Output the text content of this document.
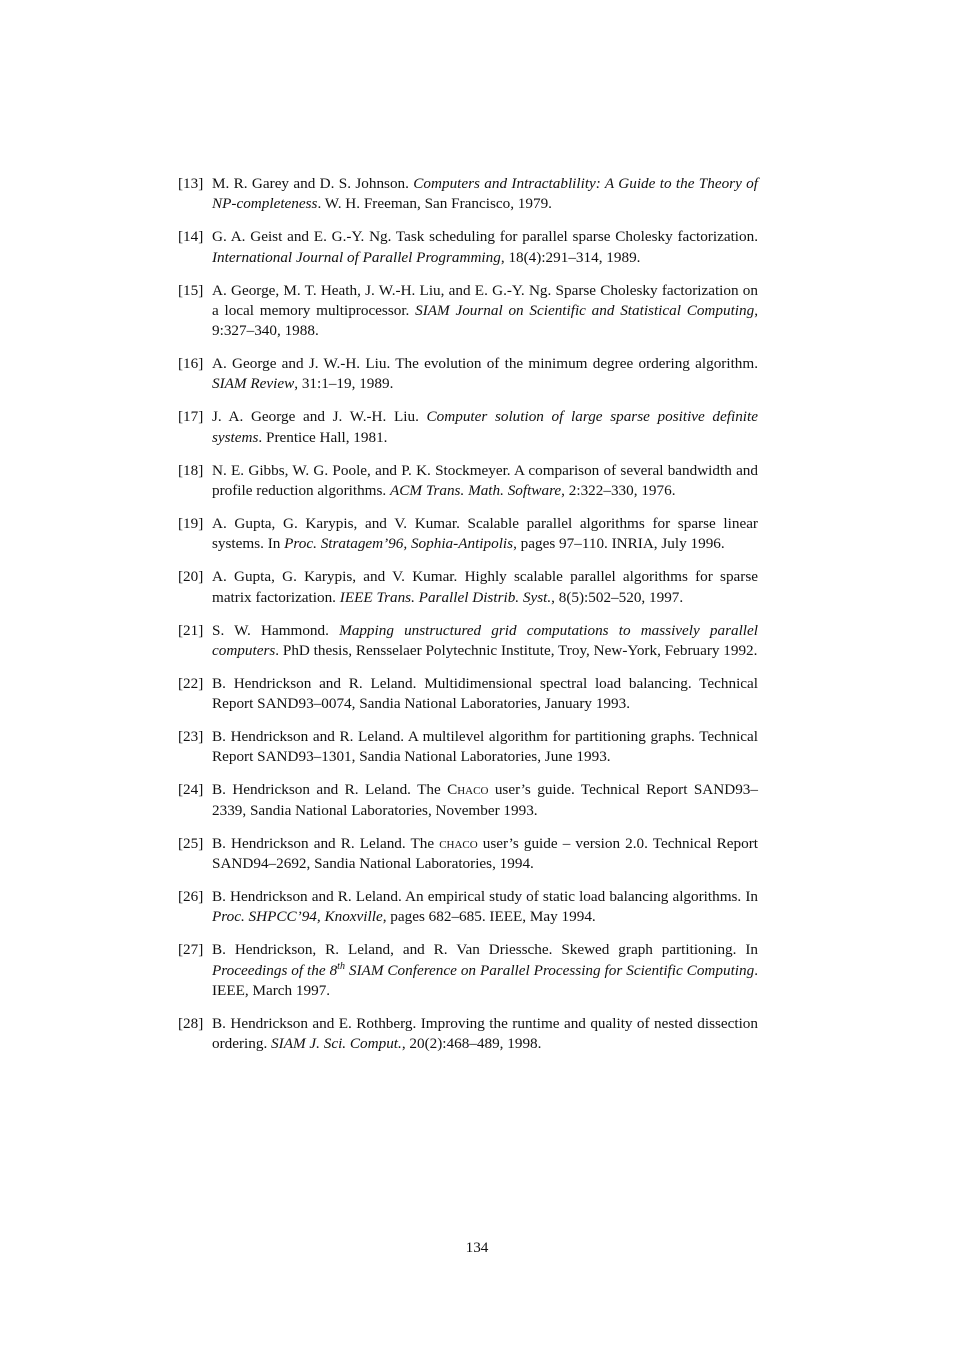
[13] M. R. Garey and D. S. Johnson. Computers and Intractablility: A Guide to the Theory of NP-completeness. W. H. Freeman, San Francisco, 1979.
[14] G. A. Geist and E. G.-Y. Ng. Task scheduling for parallel sparse Cholesky factorization. International Journal of Parallel Programming, 18(4):291–314, 1989.
[15] A. George, M. T. Heath, J. W.-H. Liu, and E. G.-Y. Ng. Sparse Cholesky factorization on a local memory multiprocessor. SIAM Journal on Scientific and Statistical Computing, 9:327–340, 1988.
[16] A. George and J. W.-H. Liu. The evolution of the minimum degree ordering algorithm. SIAM Review, 31:1–19, 1989.
[17] J. A. George and J. W.-H. Liu. Computer solution of large sparse positive definite systems. Prentice Hall, 1981.
[18] N. E. Gibbs, W. G. Poole, and P. K. Stockmeyer. A comparison of several bandwidth and profile reduction algorithms. ACM Trans. Math. Software, 2:322–330, 1976.
[19] A. Gupta, G. Karypis, and V. Kumar. Scalable parallel algorithms for sparse linear systems. In Proc. Stratagem’96, Sophia-Antipolis, pages 97–110. INRIA, July 1996.
[20] A. Gupta, G. Karypis, and V. Kumar. Highly scalable parallel algorithms for sparse matrix factorization. IEEE Trans. Parallel Distrib. Syst., 8(5):502–520, 1997.
[21] S. W. Hammond. Mapping unstructured grid computations to massively parallel computers. PhD thesis, Rensselaer Polytechnic Institute, Troy, New-York, February 1992.
[22] B. Hendrickson and R. Leland. Multidimensional spectral load balancing. Technical Report SAND93–0074, Sandia National Laboratories, January 1993.
[23] B. Hendrickson and R. Leland. A multilevel algorithm for partitioning graphs. Technical Report SAND93–1301, Sandia National Laboratories, June 1993.
[24] B. Hendrickson and R. Leland. The Chaco user’s guide. Technical Report SAND93–2339, Sandia National Laboratories, November 1993.
[25] B. Hendrickson and R. Leland. The chaco user’s guide – version 2.0. Technical Report SAND94–2692, Sandia National Laboratories, 1994.
[26] B. Hendrickson and R. Leland. An empirical study of static load balancing algorithms. In Proc. SHPCC’94, Knoxville, pages 682–685. IEEE, May 1994.
[27] B. Hendrickson, R. Leland, and R. Van Driessche. Skewed graph partitioning. In Proceedings of the 8th SIAM Conference on Parallel Processing for Scientific Computing. IEEE, March 1997.
[28] B. Hendrickson and E. Rothberg. Improving the runtime and quality of nested dissection ordering. SIAM J. Sci. Comput., 20(2):468–489, 1998.
134
